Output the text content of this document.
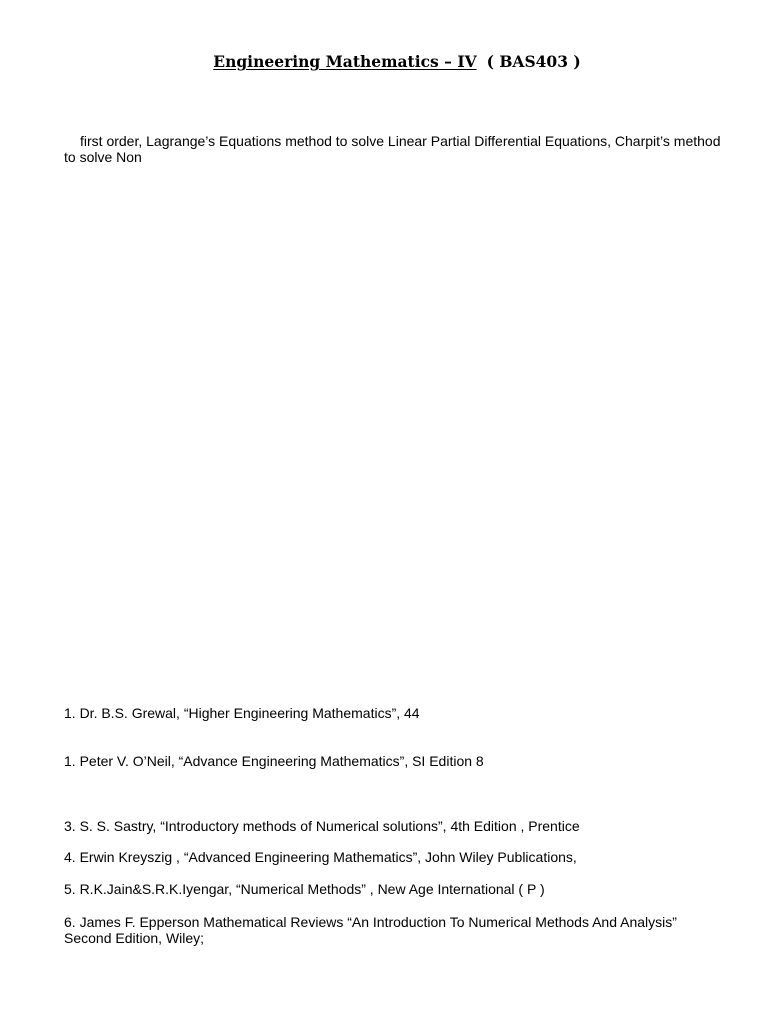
Engineering Mathematics – IV ( BAS403 )
first order, Lagrange’s Equations method to solve Linear Partial Differential Equations, Charpit’s method to solve Non
1. Dr. B.S. Grewal, “Higher Engineering Mathematics”, 44
1. Peter V. O’Neil, “Advance Engineering Mathematics”, SI Edition 8
3. S. S. Sastry, “Introductory methods of Numerical solutions”, 4th Edition , Prentice
4. Erwin Kreyszig , “Advanced Engineering Mathematics”, John Wiley Publications,
5. R.K.Jain&S.R.K.Iyengar, “Numerical Methods” , New Age International ( P )
6. James F. Epperson Mathematical Reviews “An Introduction To Numerical Methods And Analysis” Second Edition, Wiley;
